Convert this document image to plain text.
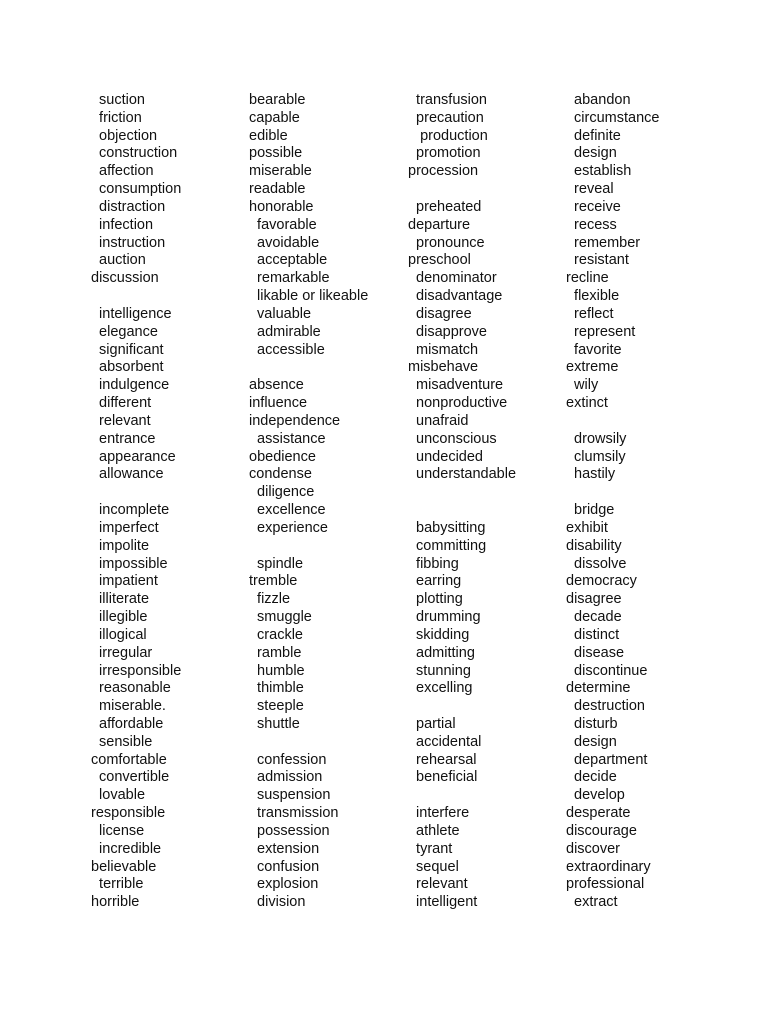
suction
friction
objection
construction
affection
consumption
distraction
infection
instruction
auction
discussion
intelligence
elegance
significant
absorbent
indulgence
different
relevant
entrance
appearance
allowance
incomplete
imperfect
impolite
impossible
impatient
illiterate
illegible
illogical
irregular
irresponsible
reasonable
miserable.
affordable
sensible
comfortable
convertible
lovable
responsible
license
incredible
believable
terrible
horrible
bearable
capable
edible
possible
miserable
readable
honorable
favorable
avoidable
acceptable
remarkable
likable or likeable
valuable
admirable
accessible
absence
influence
independence
assistance
obedience
condense
diligence
excellence
experience
spindle
tremble
fizzle
smuggle
crackle
ramble
humble
thimble
steeple
shuttle
confession
admission
suspension
transmission
possession
extension
confusion
explosion
division
transfusion
precaution
production
promotion
procession
preheated
departure
pronounce
preschool
denominator
disadvantage
disagree
disapprove
mismatch
misbehave
misadventure
nonproductive
unafraid
unconscious
undecided
understandable
babysitting
committing
fibbing
earring
plotting
drumming
skidding
admitting
stunning
excelling
partial
accidental
rehearsal
beneficial
interfere
athlete
tyrant
sequel
relevant
intelligent
abandon
circumstance
definite
design
establish
reveal
receive
recess
remember
resistant
recline
flexible
reflect
represent
favorite
extreme
wily
extinct
drowsily
clumsily
hastily
bridge
exhibit
disability
dissolve
democracy
disagree
decade
distinct
disease
discontinue
determine
destruction
disturb
design
department
decide
develop
desperate
discourage
discover
extraordinary
professional
extract
